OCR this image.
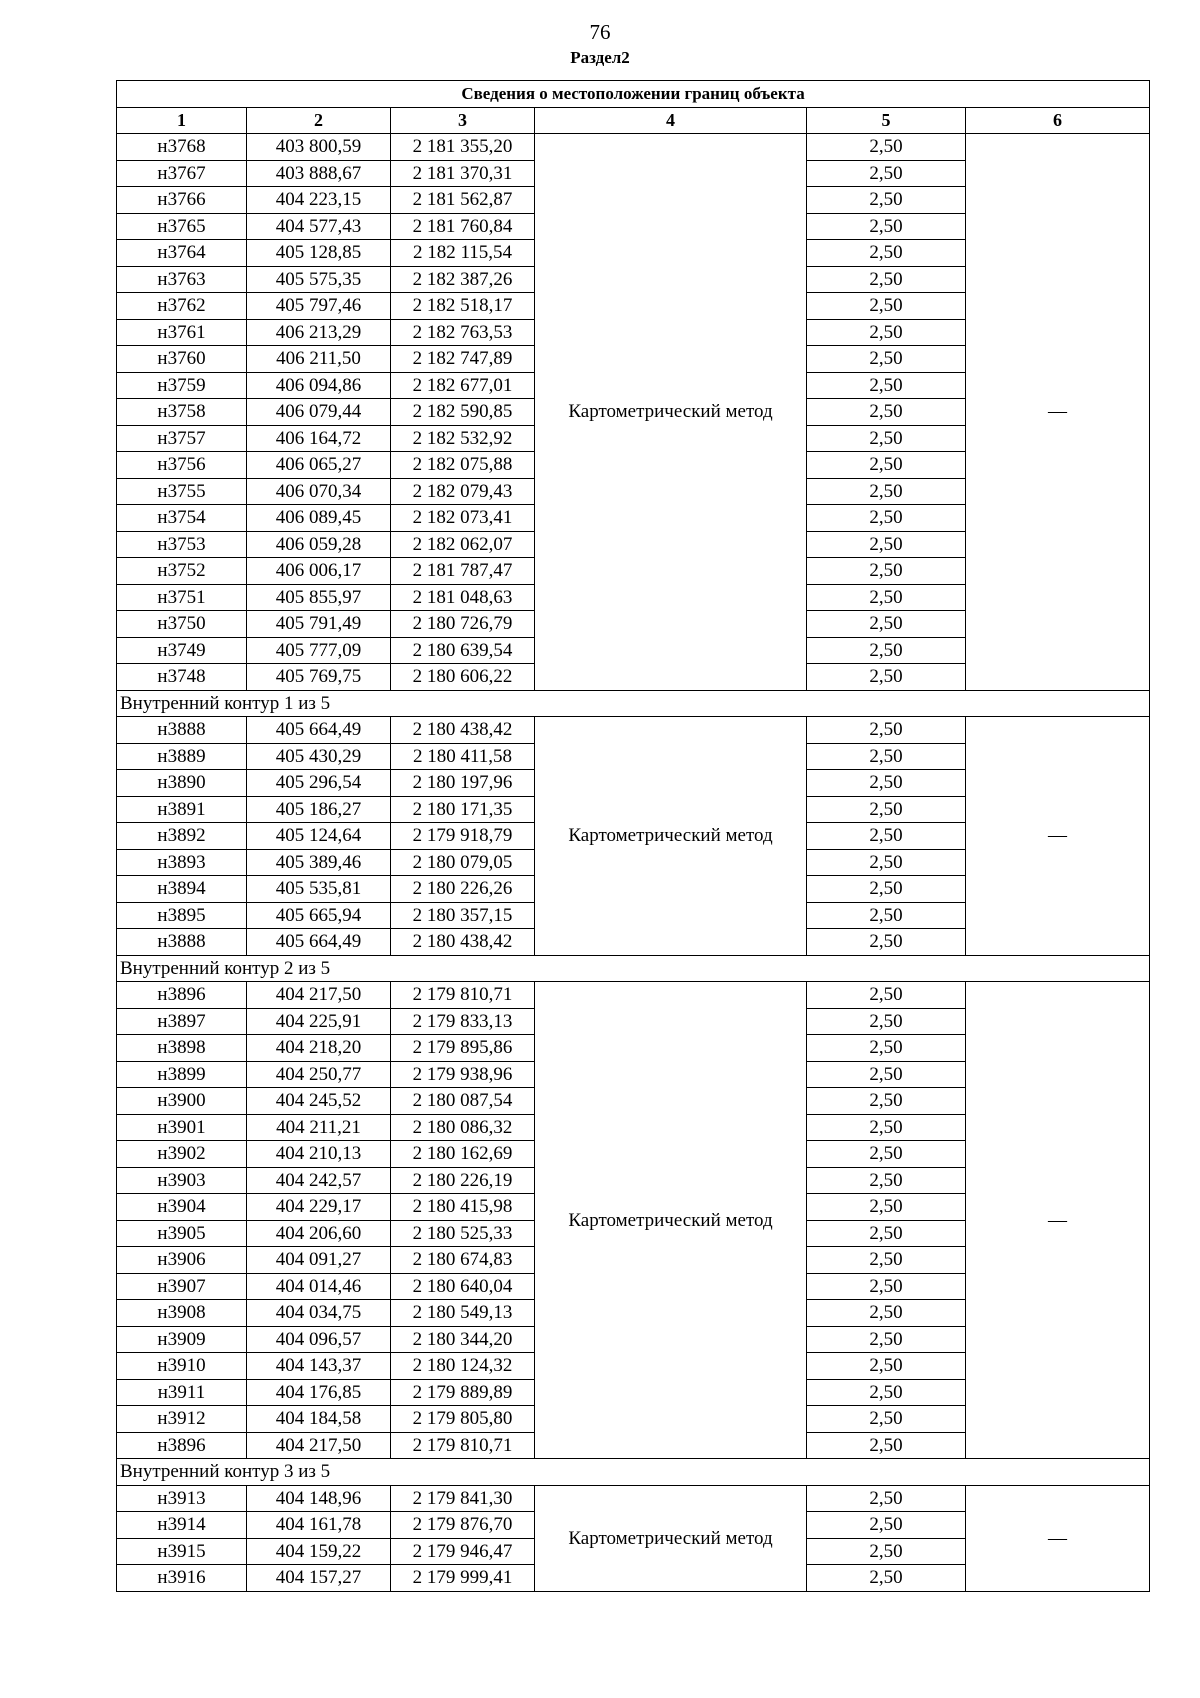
76
Раздел2
Сведения о местоположении границ объекта					
1	2	3	4	5	6
н3768	403 800,59	2 181 355,20	Картометрический метод	2,50	—
н3767	403 888,67	2 181 370,31		2,50	
н3766	404 223,15	2 181 562,87		2,50	
н3765	404 577,43	2 181 760,84		2,50	
н3764	405 128,85	2 182 115,54		2,50	
н3763	405 575,35	2 182 387,26		2,50	
н3762	405 797,46	2 182 518,17		2,50	
н3761	406 213,29	2 182 763,53		2,50	
н3760	406 211,50	2 182 747,89		2,50	
н3759	406 094,86	2 182 677,01		2,50	
н3758	406 079,44	2 182 590,85		2,50	
н3757	406 164,72	2 182 532,92		2,50	
н3756	406 065,27	2 182 075,88		2,50	
н3755	406 070,34	2 182 079,43		2,50	
н3754	406 089,45	2 182 073,41		2,50	
н3753	406 059,28	2 182 062,07		2,50	
н3752	406 006,17	2 181 787,47		2,50	
н3751	405 855,97	2 181 048,63		2,50	
н3750	405 791,49	2 180 726,79		2,50	
н3749	405 777,09	2 180 639,54		2,50	
н3748	405 769,75	2 180 606,22		2,50	
Внутренний контур 1 из 5					
н3888	405 664,49	2 180 438,42	Картометрический метод	2,50	—
н3889	405 430,29	2 180 411,58		2,50	
н3890	405 296,54	2 180 197,96		2,50	
н3891	405 186,27	2 180 171,35		2,50	
н3892	405 124,64	2 179 918,79		2,50	
н3893	405 389,46	2 180 079,05		2,50	
н3894	405 535,81	2 180 226,26		2,50	
н3895	405 665,94	2 180 357,15		2,50	
н3888	405 664,49	2 180 438,42		2,50	
Внутренний контур 2 из 5					
н3896	404 217,50	2 179 810,71	Картометрический метод	2,50	—
н3897	404 225,91	2 179 833,13		2,50	
н3898	404 218,20	2 179 895,86		2,50	
н3899	404 250,77	2 179 938,96		2,50	
н3900	404 245,52	2 180 087,54		2,50	
н3901	404 211,21	2 180 086,32		2,50	
н3902	404 210,13	2 180 162,69		2,50	
н3903	404 242,57	2 180 226,19		2,50	
н3904	404 229,17	2 180 415,98		2,50	
н3905	404 206,60	2 180 525,33		2,50	
н3906	404 091,27	2 180 674,83		2,50	
н3907	404 014,46	2 180 640,04		2,50	
н3908	404 034,75	2 180 549,13		2,50	
н3909	404 096,57	2 180 344,20		2,50	
н3910	404 143,37	2 180 124,32		2,50	
н3911	404 176,85	2 179 889,89		2,50	
н3912	404 184,58	2 179 805,80		2,50	
н3896	404 217,50	2 179 810,71		2,50	
Внутренний контур 3 из 5					
н3913	404 148,96	2 179 841,30	Картометрический метод	2,50	—
н3914	404 161,78	2 179 876,70		2,50	
н3915	404 159,22	2 179 946,47		2,50	
н3916	404 157,27	2 179 999,41		2,50	
